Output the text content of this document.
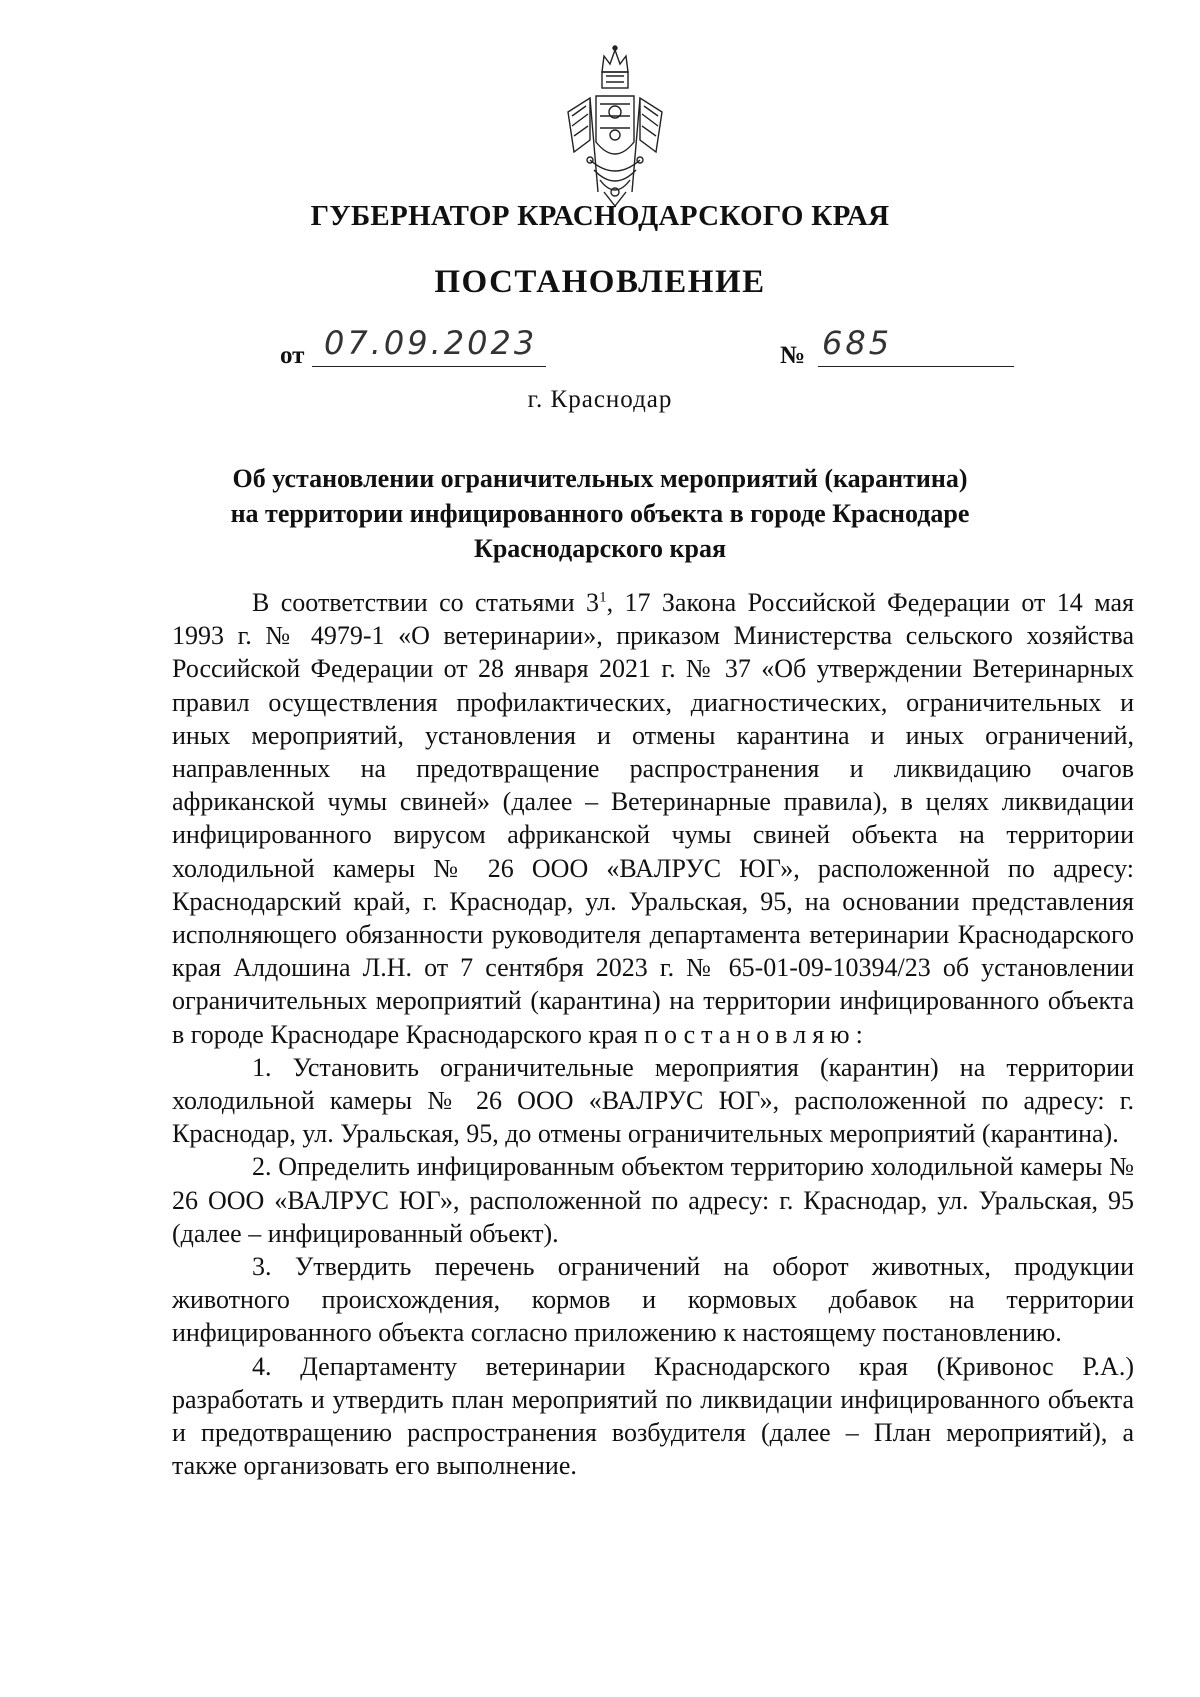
ГУБЕРНАТОР КРАСНОДАРСКОГО КРАЯ
ПОСТАНОВЛЕНИЕ
от 07.09.2023	№ 685
г. Краснодар
Об установлении ограничительных мероприятий (карантина)
на территории инфицированного объекта в городе Краснодаре
Краснодарского края

В соответствии со статьями $3^1$, 17 Закона Российской Федерации от 14 мая 1993 г. № 4979-1 «О ветеринарии», приказом Министерства сельского хозяйства Российской Федерации от 28 января 2021 г. № 37 «Об утверждении Ветеринарных правил осуществления профилактических, диагностических, ограничительных и иных мероприятий, установления и отмены карантина и иных ограничений, направленных на предотвращение распространения и ликвидацию очагов африканской чумы свиней» (далее – Ветеринарные правила), в целях ликвидации инфицированного вирусом африканской чумы свиней объекта на территории холодильной камеры № 26 ООО «ВАЛРУС ЮГ», расположенной по адресу: Краснодарский край, г. Краснодар, ул. Уральская, 95, на основании представления исполняющего обязанности руководителя департамента ветеринарии Краснодарского края Алдошина Л.Н. от 7 сентября 2023 г. № 65-01-09-10394/23 об установлении ограничительных мероприятий (карантина) на территории инфицированного объекта в городе Краснодаре Краснодарского края постановляю:

1. Установить ограничительные мероприятия (карантин) на территории холодильной камеры № 26 ООО «ВАЛРУС ЮГ», расположенной по адресу: г. Краснодар, ул. Уральская, 95, до отмены ограничительных мероприятий (карантина).

2. Определить инфицированным объектом территорию холодильной камеры № 26 ООО «ВАЛРУС ЮГ», расположенной по адресу: г. Краснодар, ул. Уральская, 95 (далее – инфицированный объект).

3. Утвердить перечень ограничений на оборот животных, продукции животного происхождения, кормов и кормовых добавок на территории инфицированного объекта согласно приложению к настоящему постановлению.

4. Департаменту ветеринарии Краснодарского края (Кривонос Р.А.) разработать и утвердить план мероприятий по ликвидации инфицированного объекта и предотвращению распространения возбудителя (далее – План мероприятий), а также организовать его выполнение.
